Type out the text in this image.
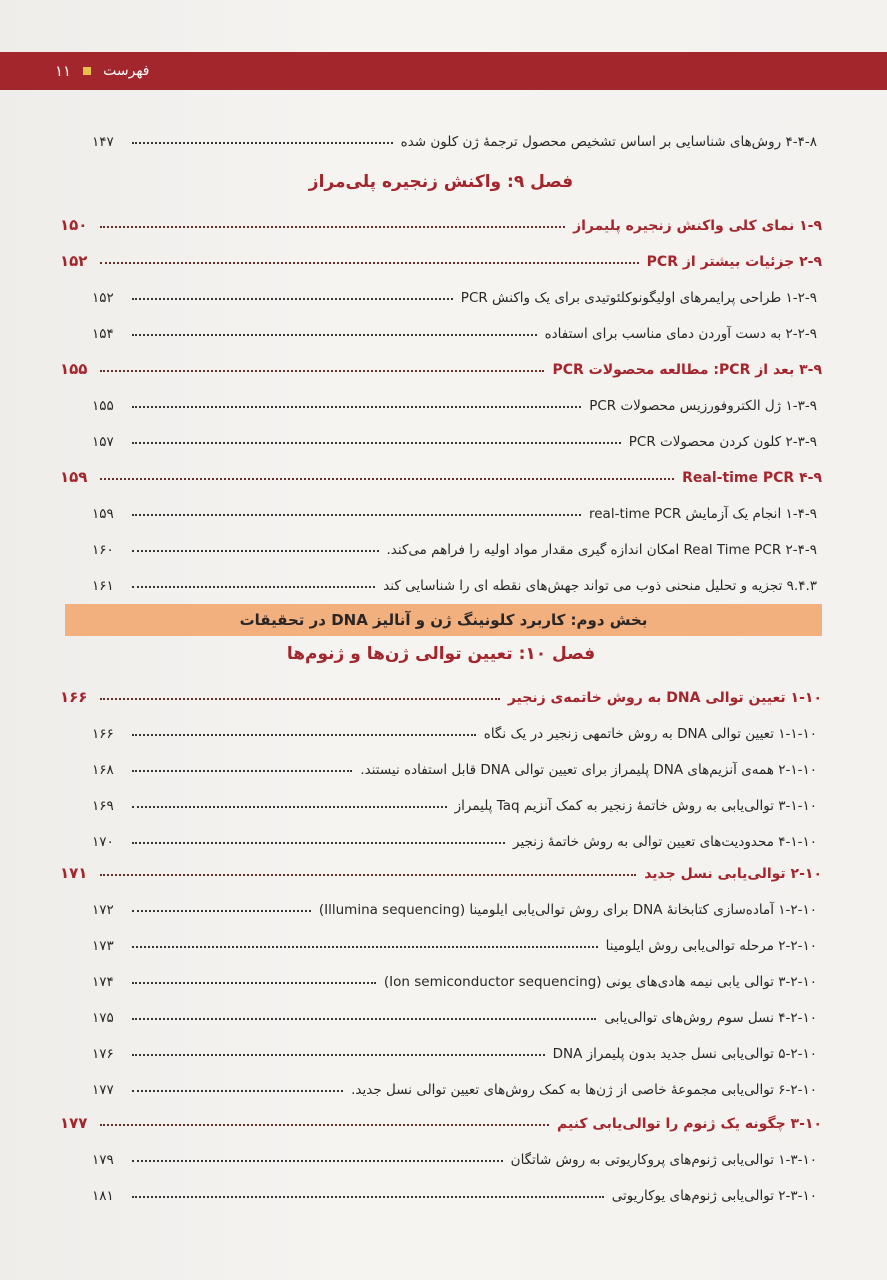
۱۱ فهرست
۴-۴-۸ روش‌های شناسایی بر اساس تشخیص محصول ترجمهٔ ژن کلون شده
۱۴۷
فصل ۹: واکنش زنجیره پلی‌مراز
۱-۹ نمای کلی واکنش زنجیره پلیمراز
۱۵۰
۲-۹ جزئیات بیشتر از PCR
۱۵۲
۱-۲-۹ طراحی پرایمرهای اولیگونوکلئوتیدی برای یک واکنش PCR
۱۵۲
۲-۲-۹ به دست آوردن دمای مناسب برای استفاده
۱۵۴
۳-۹ بعد از PCR: مطالعه محصولات PCR
۱۵۵
۱-۳-۹ ژل الکتروفورزیس محصولات PCR
۱۵۵
۲-۳-۹ کلون کردن محصولات PCR
۱۵۷
۴-۹ Real-time PCR
۱۵۹
۱-۴-۹ انجام یک آزمایش real-time PCR
۱۵۹
۲-۴-۹ Real Time PCR امکان اندازه گیری مقدار مواد اولیه را فراهم می‌کند.
۱۶۰
۹.۴.۳ تجزیه و تحلیل منحنی ذوب می تواند جهش‌های نقطه ای را شناسایی کند
۱۶۱
بخش دوم: کاربرد کلونینگ ژن و آنالیز DNA در تحقیقات
فصل ۱۰: تعیین توالی ژن‌ها و ژنوم‌ها
۱-۱۰ تعیین توالی DNA به روش خاتمه‌ی زنجیر
۱۶۶
۱-۱-۱۰ تعیین توالی DNA به روش خاتمهی زنجیر در یک نگاه
۱۶۶
۲-۱-۱۰ همه‌ی آنزیم‌های DNA پلیمراز برای تعیین توالی DNA قابل استفاده نیستند.
۱۶۸
۳-۱-۱۰ توالی‌یابی به روش خاتمهٔ زنجیر به کمک آنزیم Taq پلیمراز
۱۶۹
۴-۱-۱۰ محدودیت‌های تعیین توالی به روش خاتمهٔ زنجیر
۱۷۰
۲-۱۰ توالی‌یابی نسل جدید
۱۷۱
۱-۲-۱۰ آماده‌سازی کتابخانهٔ DNA برای روش توالی‌یابی ایلومینا (Illumina sequencing)
۱۷۲
۲-۲-۱۰ مرحله توالی‌یابی روش ایلومینا
۱۷۳
۳-۲-۱۰ توالی یابی نیمه هادی‌های یونی (Ion semiconductor sequencing)
۱۷۴
۴-۲-۱۰ نسل سوم روش‌های توالی‌یابی
۱۷۵
۵-۲-۱۰ توالی‌یابی نسل جدید بدون پلیمراز DNA
۱۷۶
۶-۲-۱۰ توالی‌یابی مجموعهٔ خاصی از ژن‌ها به کمک روش‌های تعیین توالی نسل جدید.
۱۷۷
۳-۱۰ چگونه یک ژنوم را توالی‌یابی کنیم
۱۷۷
۱-۳-۱۰ توالی‌یابی ژنوم‌های پروکاریوتی به روش شاتگان
۱۷۹
۲-۳-۱۰ توالی‌یابی ژنوم‌های یوکاریوتی
۱۸۱
